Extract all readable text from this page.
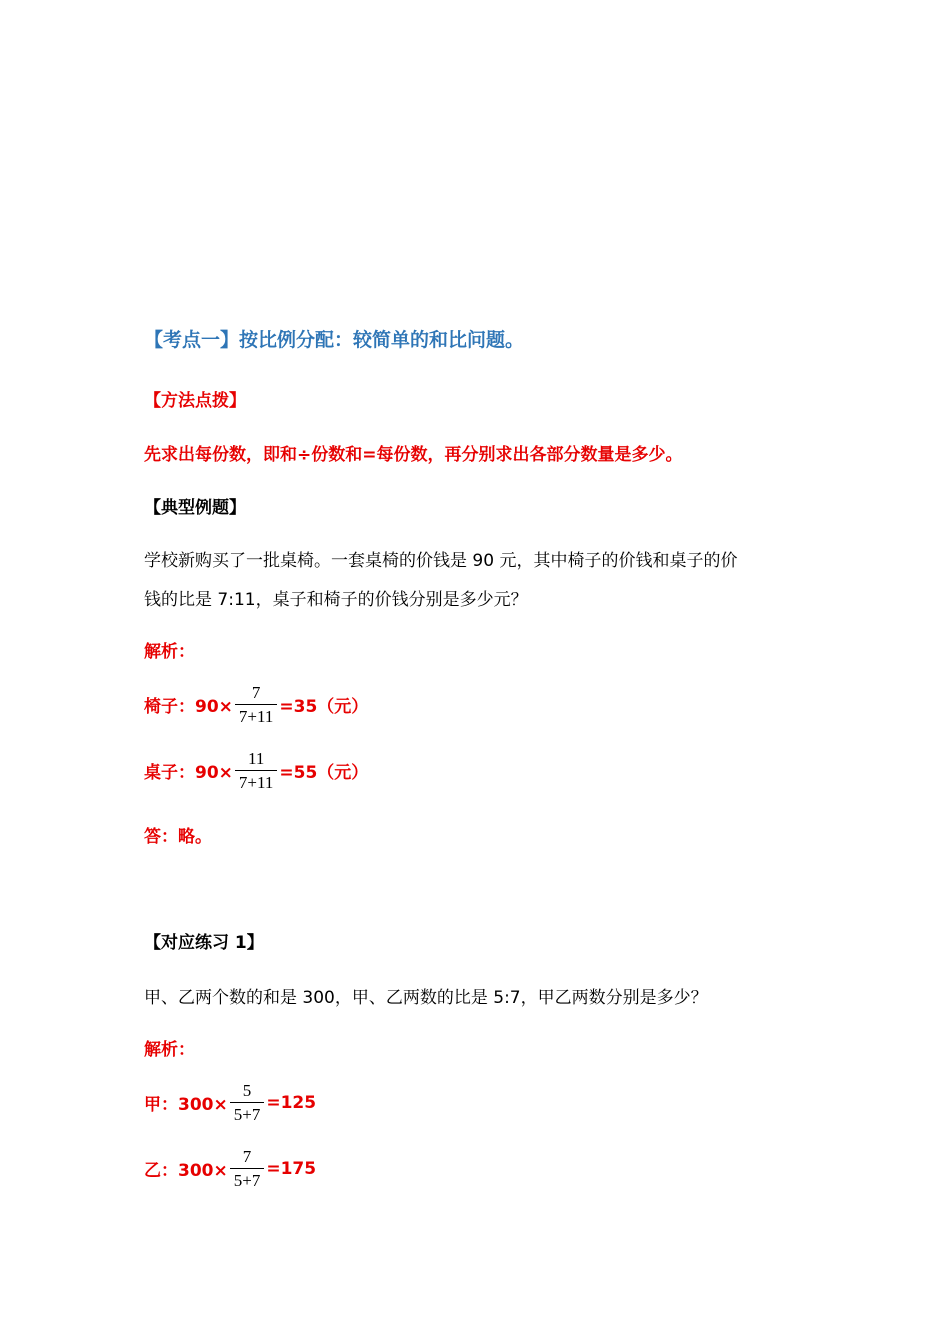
【考点一】按比例分配：较简单的和比问题。
【方法点拨】
先求出每份数，即和÷份数和=每份数，再分别求出各部分数量是多少。
【典型例题】
学校新购买了一批桌椅。一套桌椅的价钱是 90 元，其中椅子的价钱和桌子的价
钱的比是 7:11，桌子和椅子的价钱分别是多少元？
解析：
椅子：$90\times \frac{7}{7+11} =35$（元）
桌子：$90\times \frac{11}{7+11} =55$（元）
答：略。
【对应练习 1】
甲、乙两个数的和是 300，甲、乙两数的比是 5:7，甲乙两数分别是多少？
解析：
甲：$300\times \frac{5}{5+7} =125$
乙：$300\times \frac{7}{5+7} =175$
